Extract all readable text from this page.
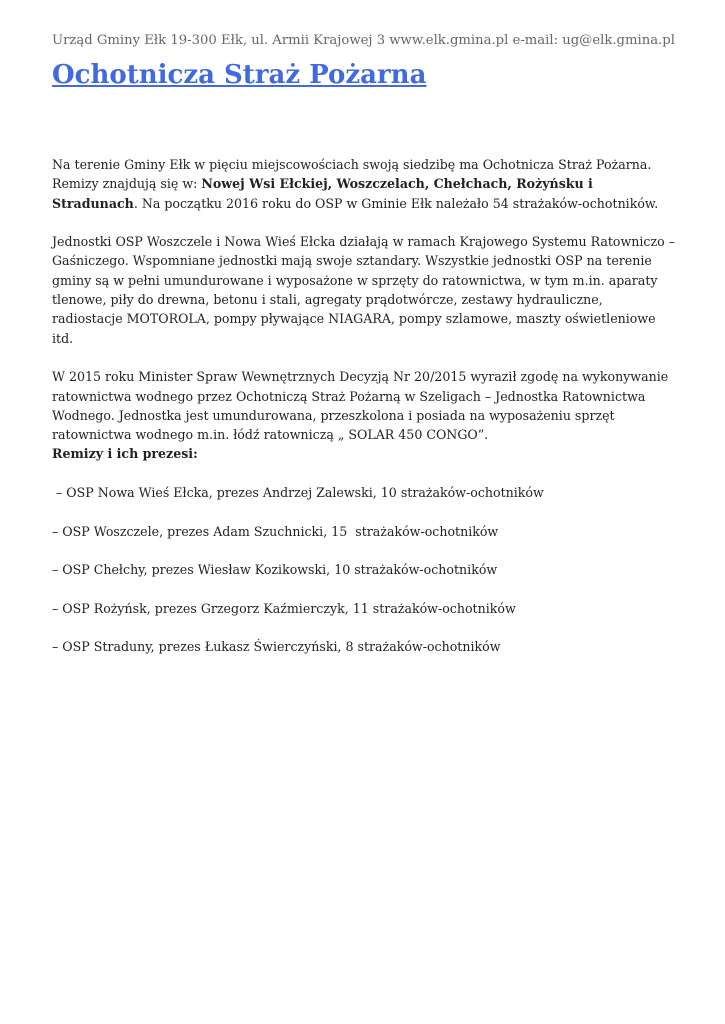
Urząd Gminy Ełk 19-300 Ełk, ul. Armii Krajowej 3 www.elk.gmina.pl e-mail: ug@elk.gmina.pl
Ochotnicza Straż Pożarna

Na terenie Gminy Ełk w pięciu miejscowościach swoją siedzibę ma Ochotnicza Straż Pożarna. Remizy znajdują się w: Nowej Wsi Ełckiej, Woszczelach, Chełchach, Rożyńsku i Stradunach. Na początku 2016 roku do OSP w Gminie Ełk należało 54 strażaków-ochotników.

Jednostki OSP Woszczele i Nowa Wieś Ełcka działają w ramach Krajowego Systemu Ratowniczo – Gaśniczego. Wspomniane jednostki mają swoje sztandary. Wszystkie jednostki OSP na terenie gminy są w pełni umundurowane i wyposażone w sprzęty do ratownictwa, w tym m.in. aparaty tlenowe, piły do drewna, betonu i stali, agregaty prądotwórcze, zestawy hydrauliczne, radiostacje MOTOROLA, pompy pływające NIAGARA, pompy szlamowe, maszty oświetleniowe itd.

W 2015 roku Minister Spraw Wewnętrznych Decyzją Nr 20/2015 wyraził zgodę na wykonywanie ratownictwa wodnego przez Ochotniczą Straż Pożarną w Szeligach – Jednostka Ratownictwa Wodnego. Jednostka jest umundurowana, przeszkolona i posiada na wyposażeniu sprzęt ratownictwa wodnego m.in. łódź ratowniczą „ SOLAR 450 CONGO”.

Remizy i ich prezesi:

– OSP Nowa Wieś Ełcka, prezes Andrzej Zalewski, 10 strażaków-ochotników
– OSP Woszczele, prezes Adam Szuchnicki, 15  strażaków-ochotników
– OSP Chełchy, prezes Wiesław Kozikowski, 10 strażaków-ochotników
– OSP Rożyńsk, prezes Grzegorz Kaźmierczyk, 11 strażaków-ochotników
– OSP Straduny, prezes Łukasz Świerczyński, 8 strażaków-ochotników
